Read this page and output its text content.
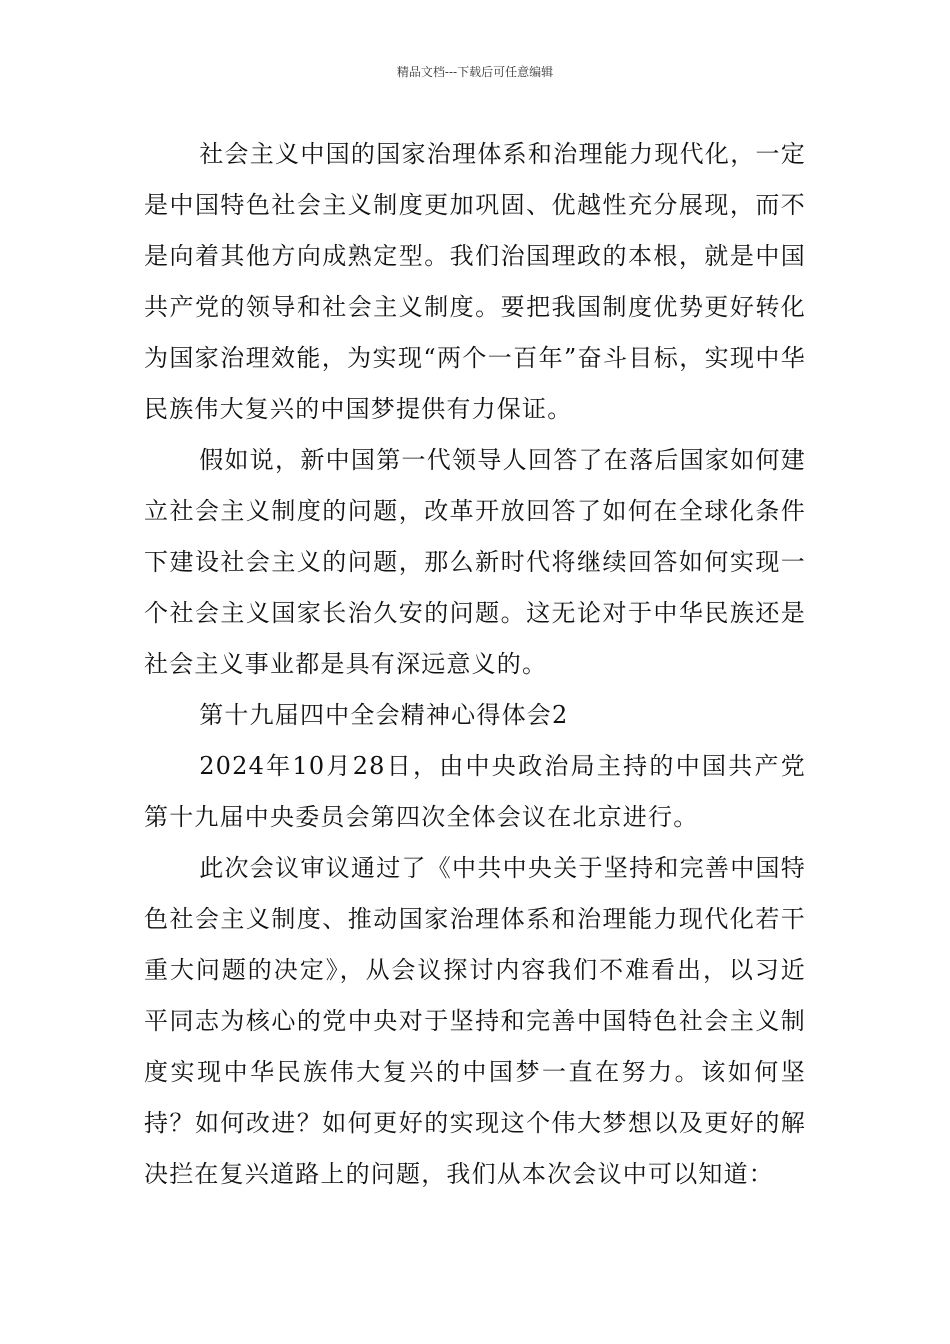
精品文档---下载后可任意编辑

社会主义中国的国家治理体系和治理能力现代化，一定是中国特色社会主义制度更加巩固、优越性充分展现，而不是向着其他方向成熟定型。我们治国理政的本根，就是中国共产党的领导和社会主义制度。要把我国制度优势更好转化为国家治理效能，为实现“两个一百年”奋斗目标，实现中华民族伟大复兴的中国梦提供有力保证。

假如说，新中国第一代领导人回答了在落后国家如何建立社会主义制度的问题，改革开放回答了如何在全球化条件下建设社会主义的问题，那么新时代将继续回答如何实现一个社会主义国家长治久安的问题。这无论对于中华民族还是社会主义事业都是具有深远意义的。

第十九届四中全会精神心得体会2

2024年10月28日，由中央政治局主持的中国共产党第十九届中央委员会第四次全体会议在北京进行。

此次会议审议通过了《中共中央关于坚持和完善中国特色社会主义制度、推动国家治理体系和治理能力现代化若干重大问题的决定》，从会议探讨内容我们不难看出，以习近平同志为核心的党中央对于坚持和完善中国特色社会主义制度实现中华民族伟大复兴的中国梦一直在努力。该如何坚持？如何改进？如何更好的实现这个伟大梦想以及更好的解决拦在复兴道路上的问题，我们从本次会议中可以知道：
